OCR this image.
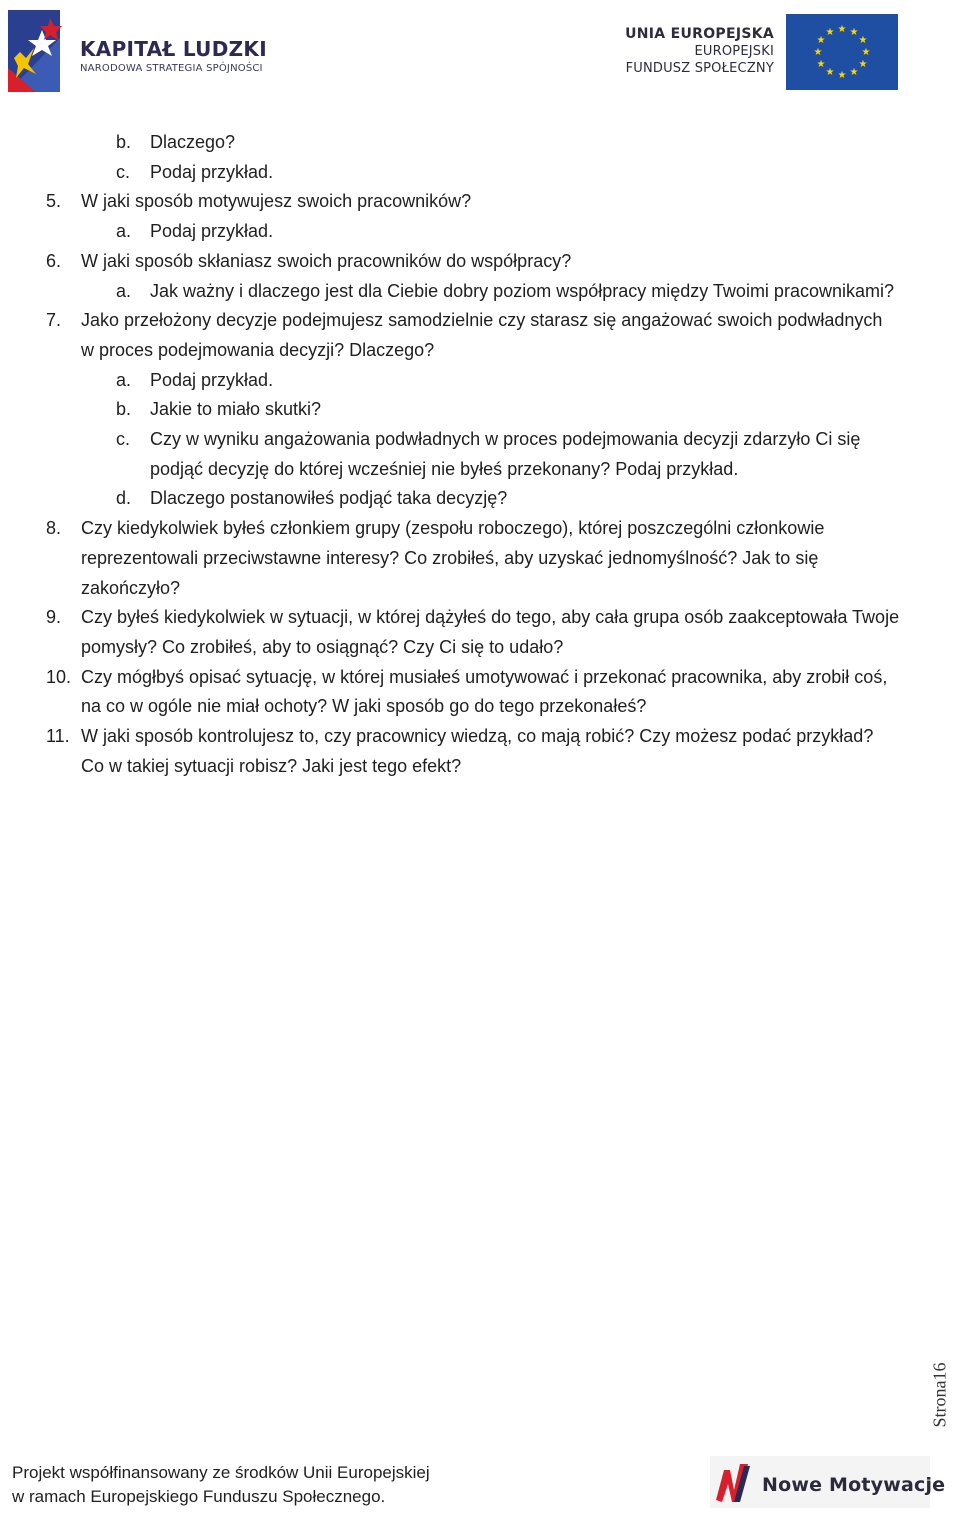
KAPITAŁ LUDZKI
NARODOWA STRATEGIA SPÓJNOŚCI
UNIA EUROPEJSKA
EUROPEJSKI
FUNDUSZ SPOŁECZNY
★ ★
★
★
★
★
★
★
★
★
★
★
b.	Dlaczego?
c.	Podaj przykład.
5.	W jaki sposób motywujesz swoich pracowników?
a.	Podaj przykład.
6.	W jaki sposób skłaniasz swoich pracowników do współpracy?
a.	Jak ważny i dlaczego jest dla Ciebie dobry poziom współpracy między Twoimi pracownikami?
7.	Jako przełożony decyzje podejmujesz samodzielnie czy starasz się angażować swoich podwładnych w proces podejmowania decyzji? Dlaczego?
a.	Podaj przykład.
b.	Jakie to miało skutki?
c.	Czy w wyniku angażowania podwładnych w proces podejmowania decyzji zdarzyło Ci się podjąć decyzję do której wcześniej nie byłeś przekonany? Podaj przykład.
d.	Dlaczego postanowiłeś podjąć taka decyzję?
8.	Czy kiedykolwiek byłeś członkiem grupy (zespołu roboczego), której poszczególni członkowie reprezentowali przeciwstawne interesy? Co zrobiłeś, aby uzyskać jednomyślność? Jak to się zakończyło?
9.	Czy byłeś kiedykolwiek w sytuacji, w której dążyłeś do tego, aby cała grupa osób zaakceptowała Twoje pomysły? Co zrobiłeś, aby to osiągnąć? Czy Ci się to udało?
10. Czy mógłbyś opisać sytuację, w której musiałeś umotywować i przekonać pracownika, aby zrobił coś, na co w ogóle nie miał ochoty? W jaki sposób go do tego przekonałeś?
11. W jaki sposób kontrolujesz to, czy pracownicy wiedzą, co mają robić? Czy możesz podać przykład? Co w takiej sytuacji robisz? Jaki jest tego efekt?
Strona16
Projekt współfinansowany ze środków Unii Europejskiej
w ramach Europejskiego Funduszu Społecznego.
Nowe Motywacje
